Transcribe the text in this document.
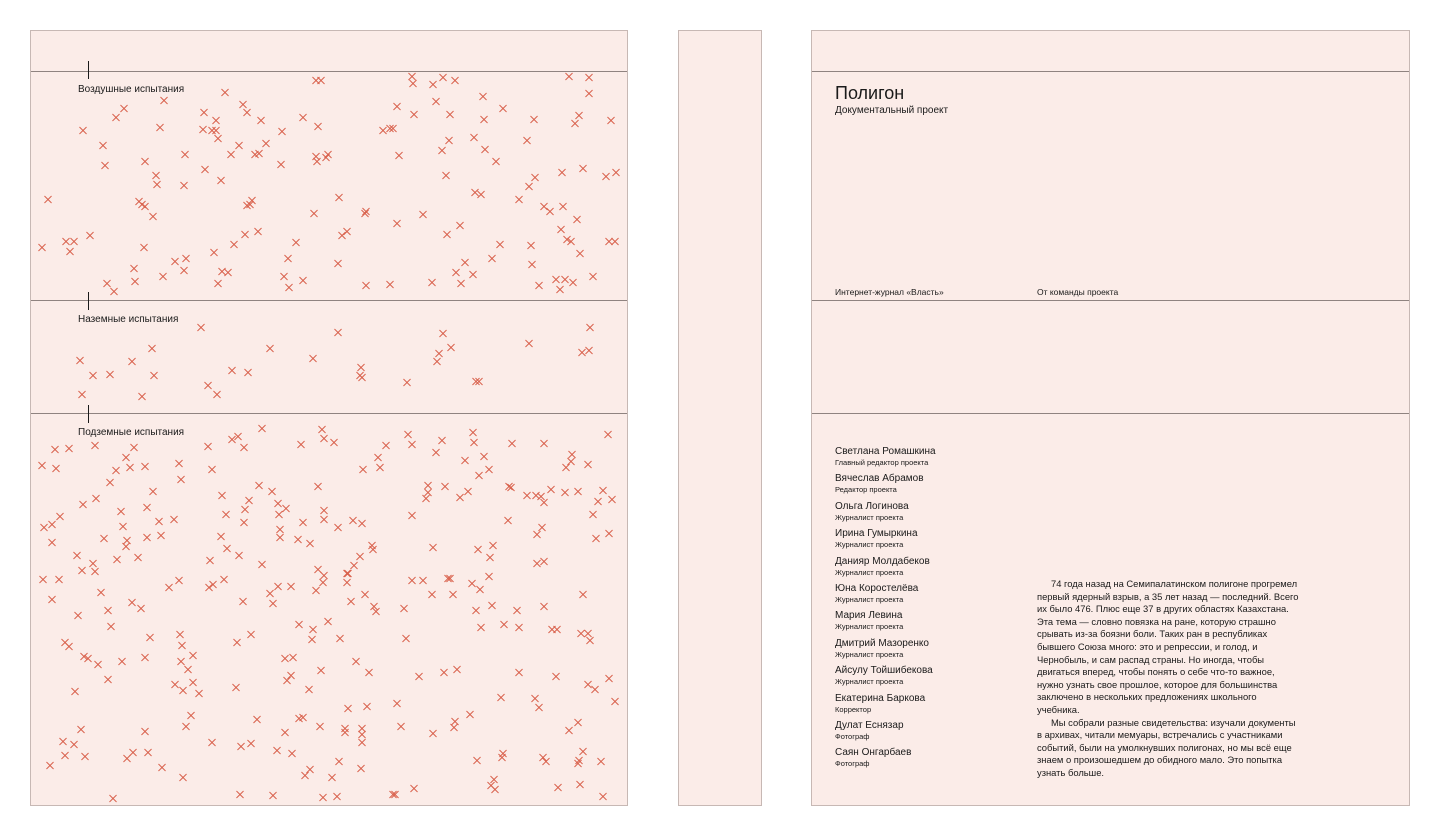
Воздушные испытания
Наземные испытания
Подземные испытания
Полигон
Документальный проект
Интернет-журнал «Власть»	От команды проекта
Светлана Ромашкина
Главный редактор проекта
Вячеслав Абрамов
Редактор проекта
Ольга Логинова
Журналист проекта
Ирина Гумыркина
Журналист проекта
Данияр Молдабеков
Журналист проекта
Юна Коростелёва
Журналист проекта
Мария Левина
Журналист проекта
Дмитрий Мазоренко
Журналист проекта
Айсулу Тойшибекова
Журналист проекта
Екатерина Баркова
Корректор
Дулат Еснязар
Фотограф
Саян Онгарбаев
Фотограф

74 года назад на Семипалатинском полигоне прогремел первый ядерный взрыв, а 35 лет назад — последний. Всего их было 476. Плюс еще 37 в других областях Казахстана. Эта тема — словно повязка на ране, которую страшно срывать из-за боязни боли. Таких ран в республиках бывшего Союза много: это и репрессии, и голод, и Чернобыль, и сам распад страны. Но иногда, чтобы двигаться вперед, чтобы понять о себе что-то важное, нужно узнать свое прошлое, которое для большинства заключено в нескольких предложениях школьного учебника.

Мы собрали разные свидетельства: изучали документы в архивах, читали мемуары, встречались с участниками событий, были на умолкнувших полигонах, но мы всё еще знаем о произошедшем до обидного мало. Это попытка узнать больше.
